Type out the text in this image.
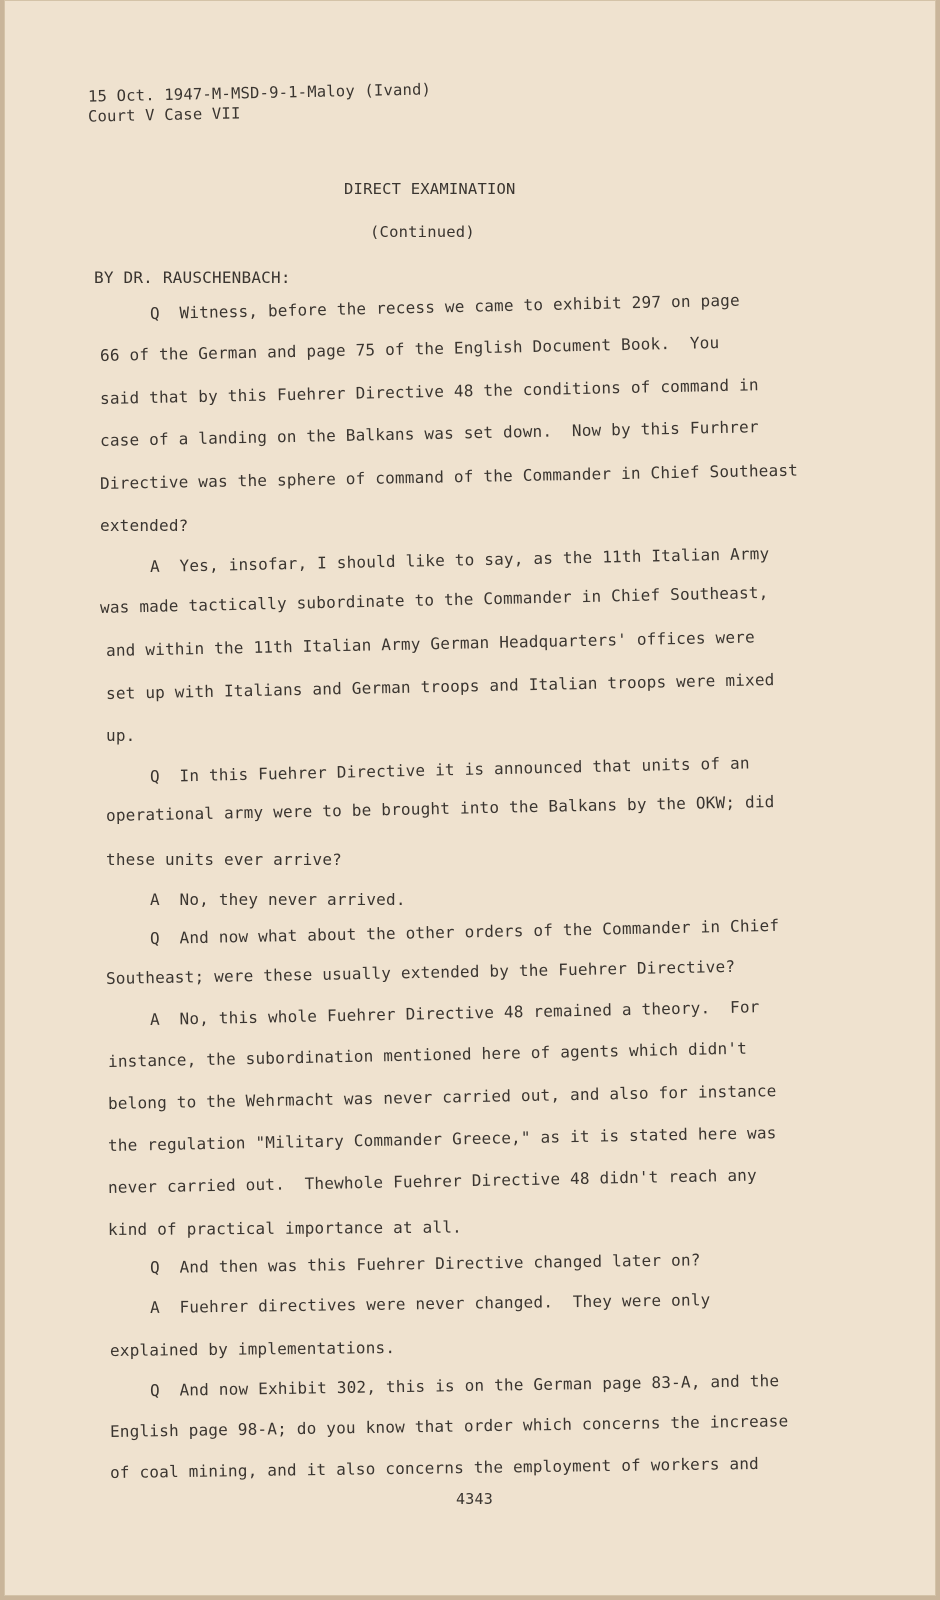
15 Oct. 1947-M-MSD-9-1-Maloy (Ivand)
Court V Case VII
DIRECT EXAMINATION
(Continued)
BY DR. RAUSCHENBACH:
Q  Witness, before the recess we came to exhibit 297 on page
66 of the German and page 75 of the English Document Book.  You
said that by this Fuehrer Directive 48 the conditions of command in
case of a landing on the Balkans was set down.  Now by this Furhrer
Directive was the sphere of command of the Commander in Chief Southeast
extended?
A  Yes, insofar, I should like to say, as the 11th Italian Army
was made tactically subordinate to the Commander in Chief Southeast,
and within the 11th Italian Army German Headquarters' offices were
set up with Italians and German troops and Italian troops were mixed
up.
Q  In this Fuehrer Directive it is announced that units of an
operational army were to be brought into the Balkans by the OKW; did
these units ever arrive?
A  No, they never arrived.
Q  And now what about the other orders of the Commander in Chief
Southeast; were these usually extended by the Fuehrer Directive?
A  No, this whole Fuehrer Directive 48 remained a theory.  For
instance, the subordination mentioned here of agents which didn't
belong to the Wehrmacht was never carried out, and also for instance
the regulation "Military Commander Greece," as it is stated here was
never carried out.  Thewhole Fuehrer Directive 48 didn't reach any
kind of practical importance at all.
Q  And then was this Fuehrer Directive changed later on?
A  Fuehrer directives were never changed.  They were only
explained by implementations.
Q  And now Exhibit 302, this is on the German page 83-A, and the
English page 98-A; do you know that order which concerns the increase
of coal mining, and it also concerns the employment of workers and
4343
